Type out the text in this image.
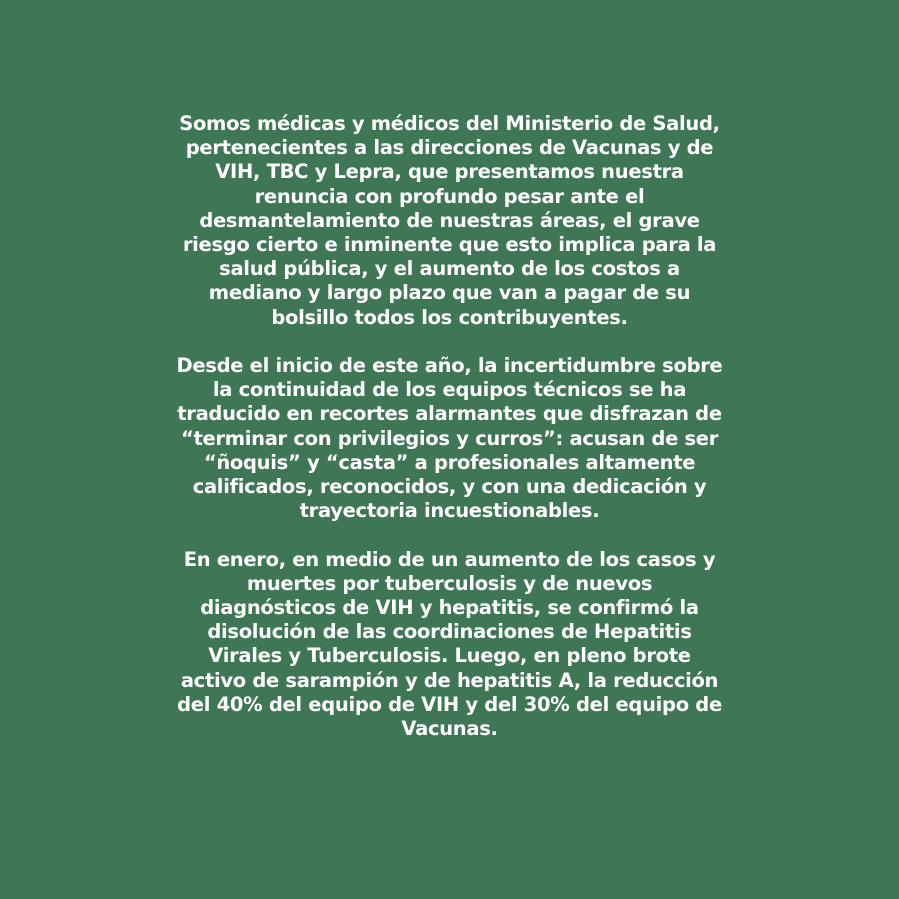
Somos médicas y médicos del Ministerio de Salud,
pertenecientes a las direcciones de Vacunas y de
VIH, TBC y Lepra, que presentamos nuestra
renuncia con profundo pesar ante el
desmantelamiento de nuestras áreas, el grave
riesgo cierto e inminente que esto implica para la
salud pública, y el aumento de los costos a
mediano y largo plazo que van a pagar de su
bolsillo todos los contribuyentes.

Desde el inicio de este año, la incertidumbre sobre
la continuidad de los equipos técnicos se ha
traducido en recortes alarmantes que disfrazan de
“terminar con privilegios y curros”: acusan de ser
“ñoquis” y “casta” a profesionales altamente
calificados, reconocidos, y con una dedicación y
trayectoria incuestionables.

En enero, en medio de un aumento de los casos y
muertes por tuberculosis y de nuevos
diagnósticos de VIH y hepatitis, se confirmó la
disolución de las coordinaciones de Hepatitis
Virales y Tuberculosis. Luego, en pleno brote
activo de sarampión y de hepatitis A, la reducción
del 40% del equipo de VIH y del 30% del equipo de
Vacunas.
